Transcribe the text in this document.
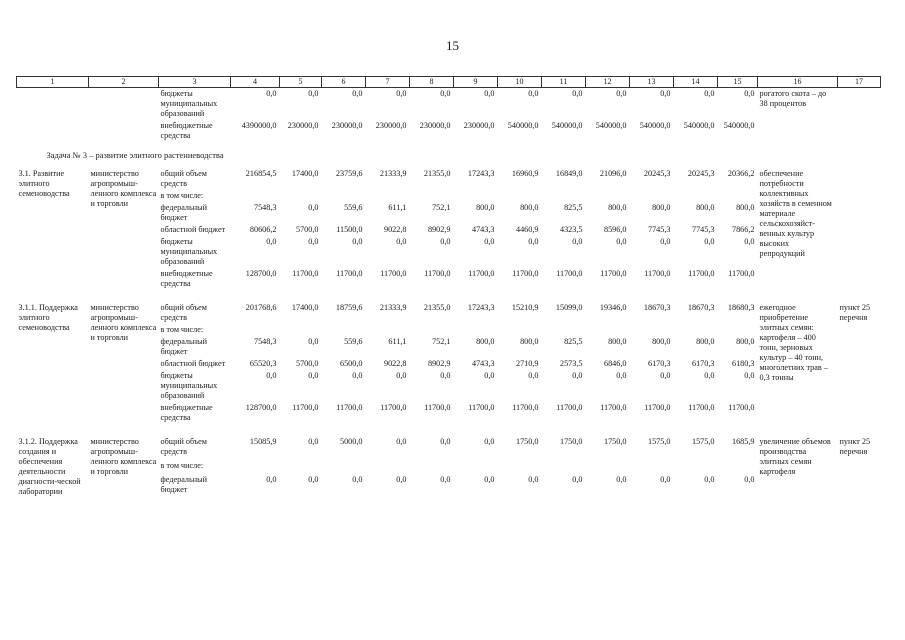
15
1	2	3	4	5	6	7	8	9	10	11	12	13	14	15	16	17
		бюджеты муниципальных образований	0,0	0,0	0,0	0,0	0,0	0,0	0,0	0,0	0,0	0,0	0,0	0,0	рогатого скота – до 38 процентов	
		внебюджетные средства	4390000,0	230000,0	230000,0	230000,0	230000,0	230000,0	540000,0	540000,0	540000,0	540000,0	540000,0	540000,0		
Задача № 3 – развитие элитного растениеводства																
3.1. Развитие элитного семеноводства	министерство агропромыш-ленного комплекса и торговли	общий объем средств	216854,5	17400,0	23759,6	21333,9	21355,0	17243,3	16960,9	16849,0	21096,0	20245,3	20245,3	20366,2	обеспечение потребности коллективных хозяйств в семенном материале сельскохозяйст-венных культур высоких репродукций	
		в том числе:														
		федеральный бюджет	7548,3	0,0	559,6	611,1	752,1	800,0	800,0	825,5	800,0	800,0	800,0	800,0		
		областной бюджет	80606,2	5700,0	11500,0	9022,8	8902,9	4743,3	4460,9	4323,5	8596,0	7745,3	7745,3	7866,2		
		бюджеты муниципальных образований	0,0	0,0	0,0	0,0	0,0	0,0	0,0	0,0	0,0	0,0	0,0	0,0		
		внебюджетные средства	128700,0	11700,0	11700,0	11700,0	11700,0	11700,0	11700,0	11700,0	11700,0	11700,0	11700,0	11700,0		

3.1.1. Поддержка элитного семеноводства	министерство агропромыш-ленного комплекса и торговли	общий объем средств	201768,6	17400,0	18759,6	21333,9	21355,0	17243,3	15210,9	15099,0	19346,0	18670,3	18670,3	18680,3	ежегодное приобретение элитных семян: картофеля – 400 тонн, зерновых культур – 40 тонн, многолетних трав – 0,3 тонны	пункт 25 перечня
		в том числе:														
		федеральный бюджет	7548,3	0,0	559,6	611,1	752,1	800,0	800,0	825,5	800,0	800,0	800,0	800,0		
		областной бюджет	65520,3	5700,0	6500,0	9022,8	8902,9	4743,3	2710,9	2573,5	6846,0	6170,3	6170,3	6180,3		
		бюджеты муниципальных образований	0,0	0,0	0,0	0,0	0,0	0,0	0,0	0,0	0,0	0,0	0,0	0,0		
		внебюджетные средства	128700,0	11700,0	11700,0	11700,0	11700,0	11700,0	11700,0	11700,0	11700,0	11700,0	11700,0	11700,0		

3.1.2. Поддержка создания и обеспечения деятельности диагности-ческой лаборатории	министерство агропромыш-ленного комплекса и торговли	общий объем средств	15085,9	0,0	5000,0	0,0	0,0	0,0	1750,0	1750,0	1750,0	1575,0	1575,0	1685,9	увеличение объемов производства элитных семян картофеля	пункт 25 перечня
		в том числе:														
		федеральный бюджет	0,0	0,0	0,0	0,0	0,0	0,0	0,0	0,0	0,0	0,0	0,0	0,0		
